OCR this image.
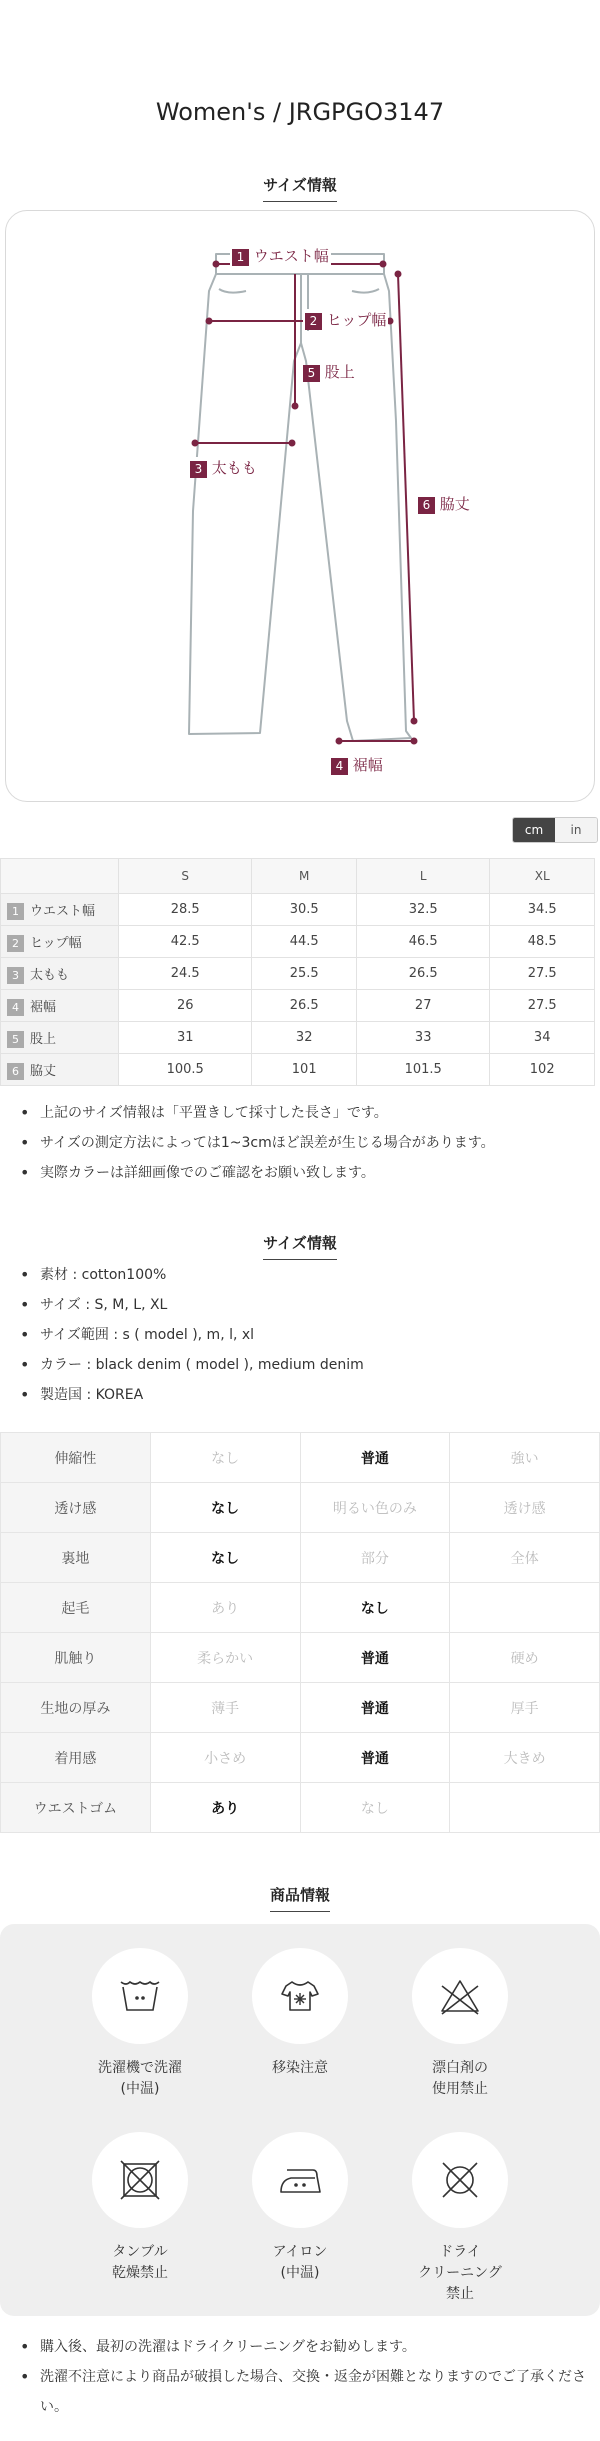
Women's / JRGPGO3147
サイズ情報
1 ウエスト幅
2 ヒップ幅
5 股上
3 太もも
6 脇丈
4 裾幅
cm	in
	S	M	L	XL
1 ウエスト幅	28.5	30.5	32.5	34.5
2 ヒップ幅	42.5	44.5	46.5	48.5
3 太もも	24.5	25.5	26.5	27.5
4 裾幅	26	26.5	27	27.5
5 股上	31	32	33	34
6 脇丈	100.5	101	101.5	102
• 上記のサイズ情報は「平置きして採寸した長さ」です。
• サイズの測定方法によっては1~3cmほど誤差が生じる場合があります。
• 実際カラーは詳細画像でのご確認をお願い致します。
サイズ情報
• 素材 : cotton100%
• サイズ : S, M, L, XL
• サイズ範囲 : s ( model ), m, l, xl
• カラー : black denim ( model ), medium denim
• 製造国 : KOREA
伸縮性	なし	普通	強い
透け感	なし	明るい色のみ	透け感
裏地	なし	部分	全体
起毛	あり	なし	
肌触り	柔らかい	普通	硬め
生地の厚み	薄手	普通	厚手
着用感	小さめ	普通	大きめ
ウエストゴム	あり	なし	
商品情報
洗濯機で洗濯
(中温)
移染注意	漂白剤の
使用禁止
タンブル
乾燥禁止
アイロン
(中温)
ドライ
クリーニング
禁止
• 購入後、最初の洗濯はドライクリーニングをお勧めします。
• 洗濯不注意により商品が破損した場合、交換・返金が困難となりますのでご了承ください。
